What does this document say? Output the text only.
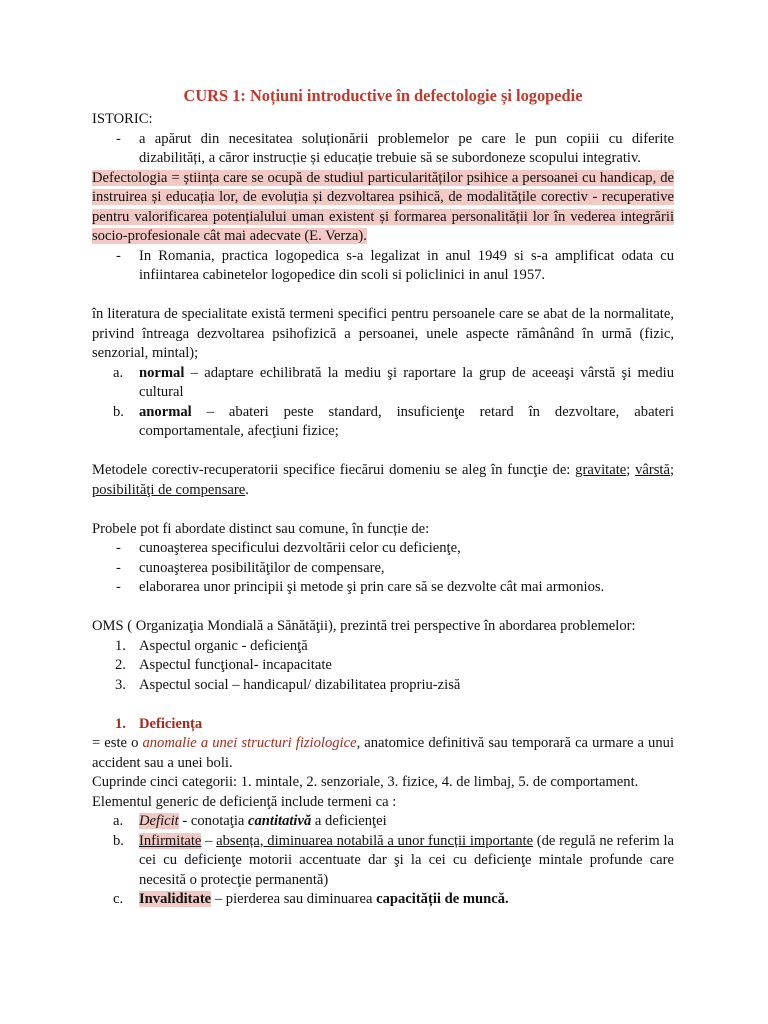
CURS 1: Noțiuni introductive în defectologie și logopedie

ISTORIC:

-	a apărut din necesitatea soluționării problemelor pe care le pun copiii cu diferite dizabilități, a căror instrucție și educație trebuie să se subordoneze scopului integrativ.

Defectologia = știința care se ocupă de studiul particularităților psihice a persoanei cu handicap, de instruirea și educația lor, de evoluția și dezvoltarea psihică, de modalitățile corectiv - recuperative pentru valorificarea potențialului uman existent și formarea personalității lor în vederea integrării socio-profesionale cât mai adecvate (E. Verza).

-	In Romania, practica logopedica s-a legalizat in anul 1949 si s-a amplificat odata cu infiintarea cabinetelor logopedice din scoli si policlinici in anul 1957.

în literatura de specialitate există termeni specifici pentru persoanele care se abat de la normalitate, privind întreaga dezvoltarea psihofizică a persoanei, unele aspecte rămânând în urmă (fizic, senzorial, mintal);

a.	normal – adaptare echilibrată la mediu şi raportare la grup de aceeaşi vârstă şi mediu cultural
b.	anormal – abateri peste standard, insuficienţe retard în dezvoltare, abateri comportamentale, afecţiuni fizice;

Metodele corectiv-recuperatorii specifice fiecărui domeniu se aleg în funcţie de: gravitate; vârstă; posibilităţi de compensare.

Probele pot fi abordate distinct sau comune, în funcție de:

-	cunoaşterea specificului dezvoltării celor cu deficienţe,
-	cunoaşterea posibilităţilor de compensare,
-	elaborarea unor principii şi metode şi prin care să se dezvolte cât mai armonios.

OMS ( Organizaţia Mondială a Sănătăţii), prezintă trei perspective în abordarea problemelor:

1. Aspectul organic - deficienţă
2. Aspectul funcţional- incapacitate
3. Aspectul social – handicapul/ dizabilitatea propriu-zisă
1. Deficiența

= este o anomalie a unei structuri fiziologice, anatomice definitivă sau temporară ca urmare a unui accident sau a unei boli.

Cuprinde cinci categorii: 1. mintale, 2. senzoriale, 3. fizice, 4. de limbaj, 5. de comportament.

Elementul generic de deficienţă include termeni ca :

a.	Deficit - conotaţia cantitativă a deficienţei
b.	Infirmitate – absența, diminuarea notabilă a unor funcții importante (de regulă ne referim la cei cu deficienţe motorii accentuate dar şi la cei cu deficienţe mintale profunde care necesită o protecţie permanentă)
c.	Invaliditate – pierderea sau diminuarea capacității de muncă.
